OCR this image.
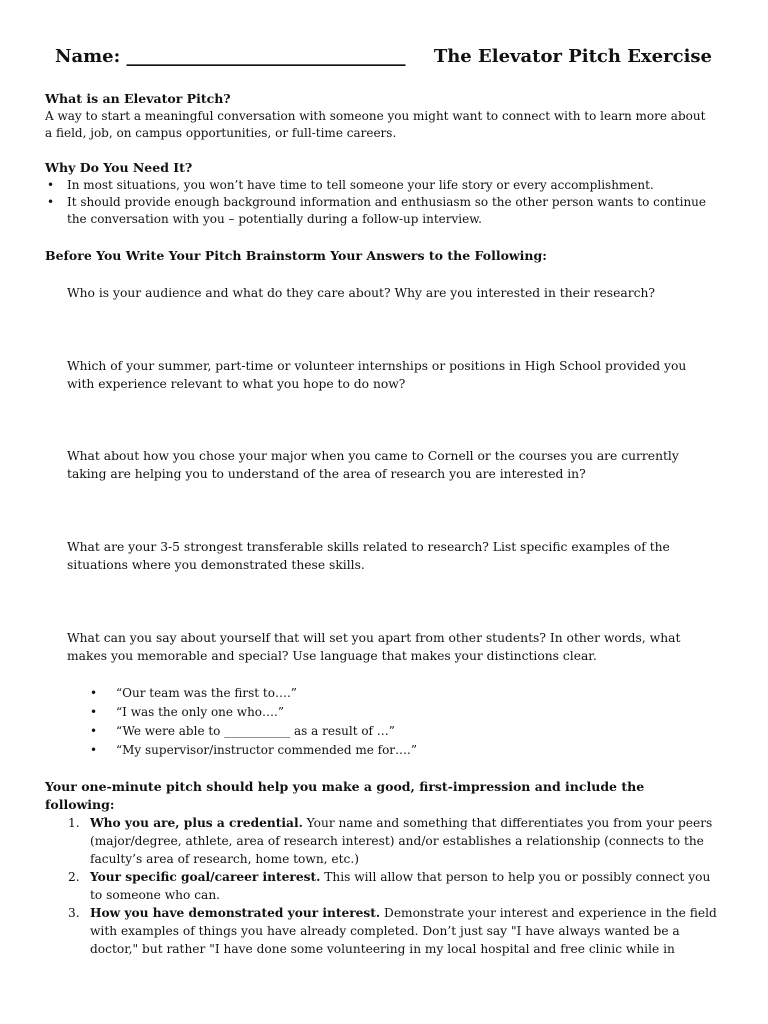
Name: _______________________________ The Elevator Pitch Exercise

What is an Elevator Pitch?

A way to start a meaningful conversation with someone you might want to connect with to learn more about a field, job, on campus opportunities, or full-time careers.

Why Do You Need It?

• In most situations, you won’t have time to tell someone your life story or every accomplishment.
• It should provide enough background information and enthusiasm so the other person wants to continue the conversation with you – potentially during a follow-up interview.

Before You Write Your Pitch Brainstorm Your Answers to the Following:

Who is your audience and what do they care about? Why are you interested in their research?
Which of your summer, part-time or volunteer internships or positions in High School provided you with experience relevant to what you hope to do now?
What about how you chose your major when you came to Cornell or the courses you are currently taking are helping you to understand of the area of research you are interested in?
What are your 3-5 strongest transferable skills related to research? List specific examples of the situations where you demonstrated these skills.
What can you say about yourself that will set you apart from other students? In other words, what makes you memorable and special? Use language that makes your distinctions clear.
• “Our team was the first to….”
• “I was the only one who….”
• “We were able to ___________ as a result of …”
• “My supervisor/instructor commended me for….”

Your one-minute pitch should help you make a good, first-impression and include the following:

1. Who you are, plus a credential. Your name and something that differentiates you from your peers (major/degree, athlete, area of research interest) and/or establishes a relationship (connects to the faculty’s area of research, home town, etc.)
2. Your specific goal/career interest. This will allow that person to help you or possibly connect you to someone who can.
3. How you have demonstrated your interest. Demonstrate your interest and experience in the field with examples of things you have already completed. Don’t just say "I have always wanted be a doctor," but rather "I have done some volunteering in my local hospital and free clinic while in
